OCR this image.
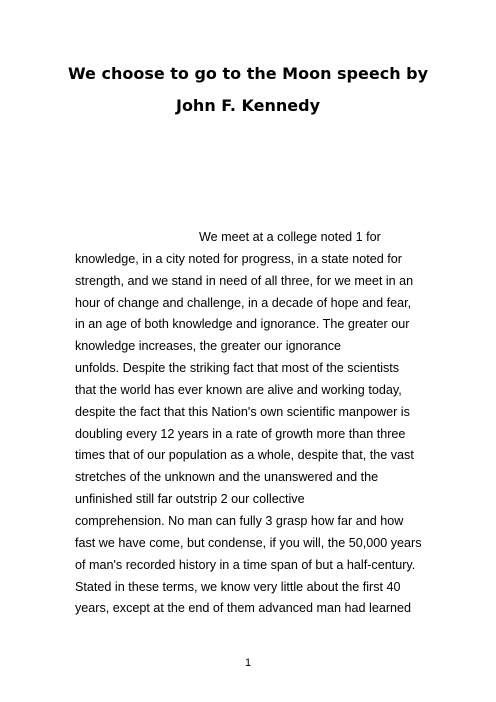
We choose to go to the Moon speech by
John F. Kennedy
We meet at a college noted 1 for
knowledge, in a city noted for progress, in a state noted for
strength, and we stand in need of all three, for we meet in an
hour of change and challenge, in a decade of hope and fear,
in an age of both knowledge and ignorance. The greater our
knowledge increases, the greater our ignorance
unfolds. Despite the striking fact that most of the scientists
that the world has ever known are alive and working today,
despite the fact that this Nation's own scientific manpower is
doubling every 12 years in a rate of growth more than three
times that of our population as a whole, despite that, the vast
stretches of the unknown and the unanswered and the
unfinished still far outstrip 2 our collective
comprehension. No man can fully 3 grasp how far and how
fast we have come, but condense, if you will, the 50,000 years
of man's recorded history in a time span of but a half-century.
Stated in these terms, we know very little about the first 40
years, except at the end of them advanced man had learned
1
